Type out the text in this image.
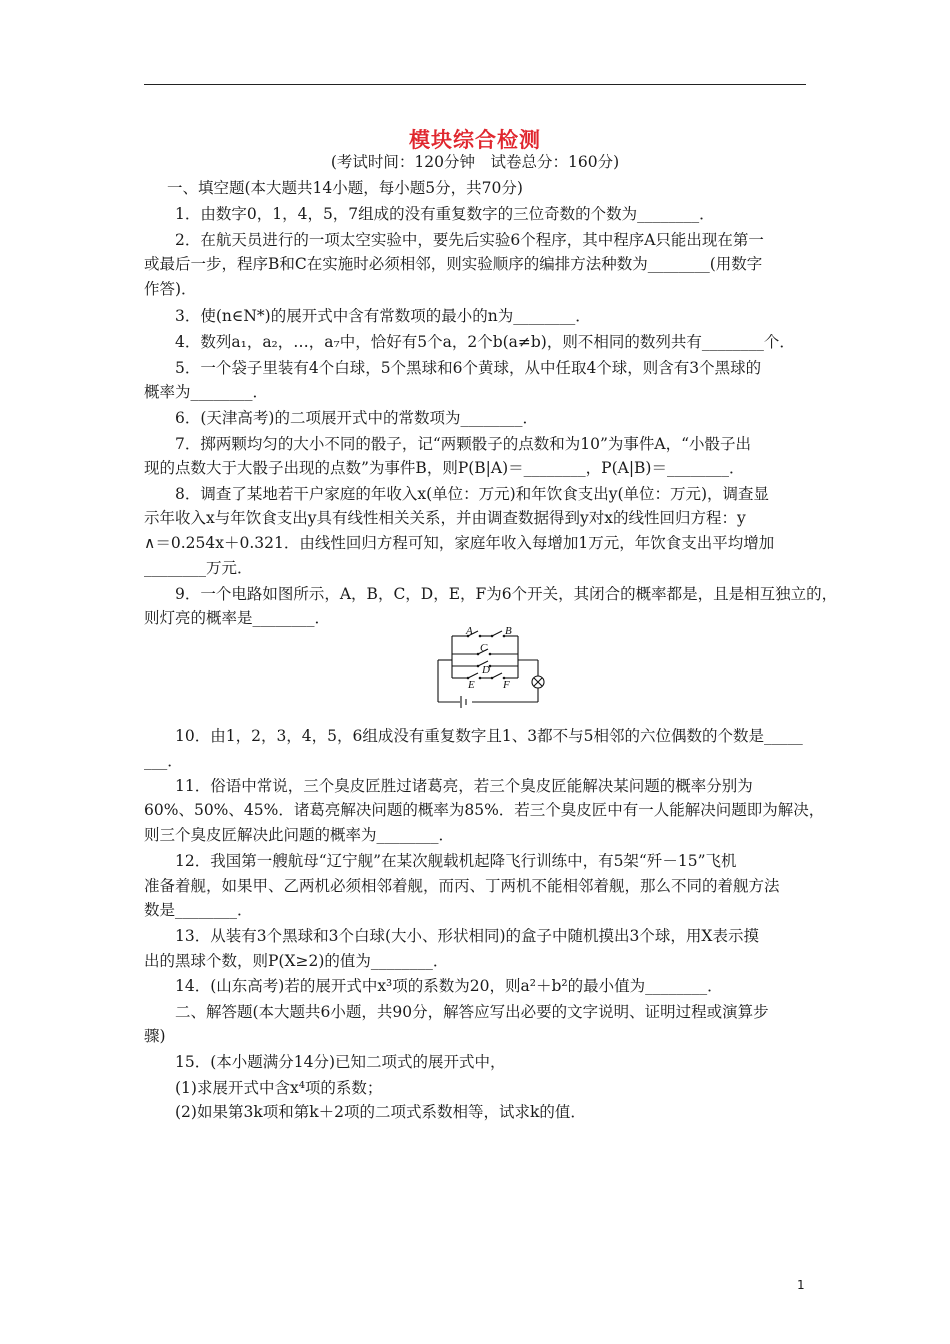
模块综合检测
(考试时间：120分钟　试卷总分：160分)
一、填空题(本大题共14小题，每小题5分，共70分)
1．由数字0，1，4，5，7组成的没有重复数字的三位奇数的个数为________．
2．在航天员进行的一项太空实验中，要先后实验6个程序，其中程序A只能出现在第一
或最后一步，程序B和C在实施时必须相邻，则实验顺序的编排方法种数为________(用数字
作答)．
3．使(n∈N*)的展开式中含有常数项的最小的n为________．
4．数列a₁，a₂，…，a₇中，恰好有5个a，2个b(a≠b)，则不相同的数列共有________个．
5．一个袋子里装有4个白球，5个黑球和6个黄球，从中任取4个球，则含有3个黑球的
概率为________．
6．(天津高考)的二项展开式中的常数项为________．
7．掷两颗均匀的大小不同的骰子，记“两颗骰子的点数和为10”为事件A，“小骰子出
现的点数大于大骰子出现的点数”为事件B，则P(B|A)＝________，P(A|B)＝________．
8．调查了某地若干户家庭的年收入x(单位：万元)和年饮食支出y(单位：万元)，调查显
示年收入x与年饮食支出y具有线性相关关系，并由调查数据得到y对x的线性回归方程：y
∧＝0.254x＋0.321．由线性回归方程可知，家庭年收入每增加1万元，年饮食支出平均增加
________万元．
9．一个电路如图所示，A，B，C，D，E，F为6个开关，其闭合的概率都是，且是相互独立的，
则灯亮的概率是________．
A	B
C
D
E	F
10．由1，2，3，4，5，6组成没有重复数字且1、3都不与5相邻的六位偶数的个数是_____
___．
11．俗语中常说，三个臭皮匠胜过诸葛亮，若三个臭皮匠能解决某问题的概率分别为
60%、50%、45%．诸葛亮解决问题的概率为85%．若三个臭皮匠中有一人能解决问题即为解决，
则三个臭皮匠解决此问题的概率为________．
12．我国第一艘航母“辽宁舰”在某次舰载机起降飞行训练中，有5架“歼－15”飞机
准备着舰，如果甲、乙两机必须相邻着舰，而丙、丁两机不能相邻着舰，那么不同的着舰方法
数是________．
13．从装有3个黑球和3个白球(大小、形状相同)的盒子中随机摸出3个球，用X表示摸
出的黑球个数，则P(X≥2)的值为________．
14．(山东高考)若的展开式中x³项的系数为20，则a²＋b²的最小值为________．
二、解答题(本大题共6小题，共90分，解答应写出必要的文字说明、证明过程或演算步
骤)
15．(本小题满分14分)已知二项式的展开式中，
(1)求展开式中含x⁴项的系数；
(2)如果第3k项和第k＋2项的二项式系数相等，试求k的值．
1
